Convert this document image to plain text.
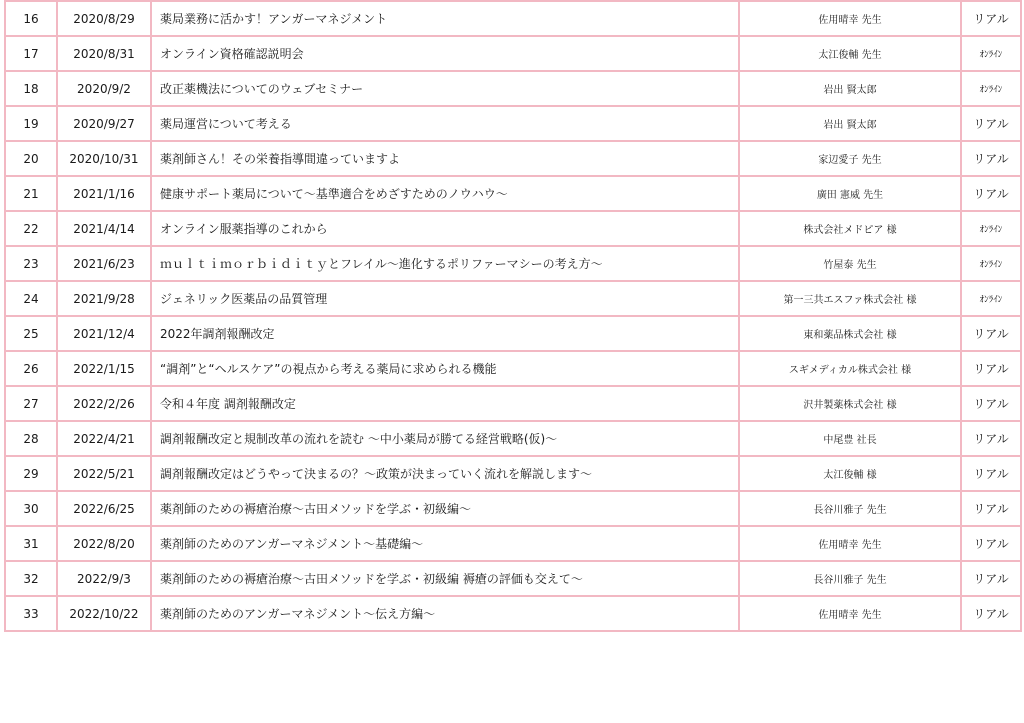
16	2020/8/29	薬局業務に活かす！アンガーマネジメント	佐用晴幸 先生	リアル
17	2020/8/31	オンライン資格確認説明会	太江俊輔 先生	ｵﾝﾗｲﾝ
18	2020/9/2	改正薬機法についてのウェブセミナー	岩出 賢太郎	ｵﾝﾗｲﾝ
19	2020/9/27	薬局運営について考える	岩出 賢太郎	リアル
20	2020/10/31	薬剤師さん！その栄養指導間違っていますよ	家辺愛子 先生	リアル
21	2021/1/16	健康サポート薬局について～基準適合をめざすためのノウハウ～	廣田 憲威 先生	リアル
22	2021/4/14	オンライン服薬指導のこれから	株式会社メドピア 様	ｵﾝﾗｲﾝ
23	2021/6/23	ｍｕｌｔｉｍｏｒｂｉｄｉｔｙとフレイル～進化するポリファーマシーの考え方～	竹屋泰 先生	ｵﾝﾗｲﾝ
24	2021/9/28	ジェネリック医薬品の品質管理	第一三共エスファ株式会社 様	ｵﾝﾗｲﾝ
25	2021/12/4	2022年調剤報酬改定	東和薬品株式会社 様	リアル
26	2022/1/15	“調剤”と“ヘルスケア”の視点から考える薬局に求められる機能	スギメディカル株式会社 様	リアル
27	2022/2/26	令和４年度 調剤報酬改定	沢井製薬株式会社 様	リアル
28	2022/4/21	調剤報酬改定と規制改革の流れを読む ～中小薬局が勝てる経営戦略(仮)～	中尾豊 社長	リアル
29	2022/5/21	調剤報酬改定はどうやって決まるの？～政策が決まっていく流れを解説します～	太江俊輔 様	リアル
30	2022/6/25	薬剤師のための褥瘡治療～古田メソッドを学ぶ・初級編～	長谷川雅子 先生	リアル
31	2022/8/20	薬剤師のためのアンガーマネジメント～基礎編～	佐用晴幸 先生	リアル
32	2022/9/3	薬剤師のための褥瘡治療～古田メソッドを学ぶ・初級編 褥瘡の評価も交えて～	長谷川雅子 先生	リアル
33	2022/10/22	薬剤師のためのアンガーマネジメント～伝え方編～	佐用晴幸 先生	リアル
